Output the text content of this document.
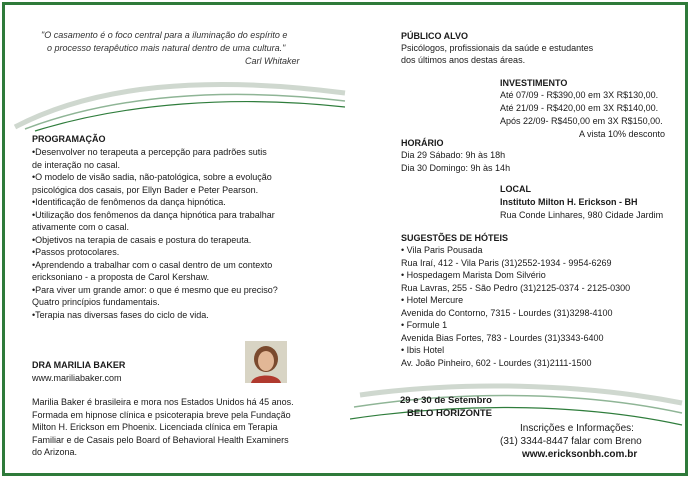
"O casamento é o foco central para a iluminação do espírito e
o processo terapêutico mais natural dentro de uma cultura."
Carl Whitaker
PROGRAMAÇÃO
•Desenvolver no terapeuta a percepção para padrões sutis
de interação no casal.
•O modelo de visão sadia, não-patológica, sobre a evolução
psicológica dos casais, por Ellyn Bader e Peter Pearson.
•Identificação de fenômenos da dança hipnótica.
•Utilização dos fenômenos da dança hipnótica para trabalhar
ativamente com o casal.
•Objetivos na terapia de casais e postura do terapeuta.
•Passos protocolares.
•Aprendendo a trabalhar com o casal dentro de um contexto
ericksoniano - a proposta de Carol Kershaw.
•Para viver um grande amor: o que é mesmo que eu preciso?
Quatro princípios fundamentais.
•Terapia nas diversas fases do ciclo de vida.
DRA MARILIA BAKER
www.mariliabaker.com
Marilia Baker é brasileira e mora nos Estados Unidos há 45 anos.
Formada em hipnose clínica e psicoterapia breve pela Fundação
Milton H. Erickson em Phoenix. Licenciada clínica em Terapia
Familiar e de Casais pelo Board of Behavioral Health Examiners
do Arizona.
PÚBLICO ALVO
Psicólogos, profissionais da saúde e estudantes
dos últimos anos destas áreas.
INVESTIMENTO
Até 07/09 - R$390,00 em 3X R$130,00.
Até 21/09 - R$420,00 em 3X R$140,00.
Após 22/09- R$450,00 em 3X R$150,00.
A vista 10% desconto
HORÁRIO
Dia 29 Sábado: 9h às 18h
Dia 30 Domingo: 9h às 14h
LOCAL
Instituto Milton H. Erickson - BH
Rua Conde Linhares, 980 Cidade Jardim
SUGESTÕES DE HÓTEIS
• Vila Paris Pousada
Rua Iraí, 412 - Vila Paris (31)2552-1934 - 9954-6269
• Hospedagem Marista Dom Silvério
Rua Lavras, 255 - São Pedro (31)2125-0374 - 2125-0300
• Hotel Mercure
Avenida do Contorno, 7315 - Lourdes (31)3298-4100
• Formule 1
Avenida Bias Fortes, 783 - Lourdes (31)3343-6400
• Ibis Hotel
Av. João Pinheiro, 602 - Lourdes (31)2111-1500
29 e 30 de Setembro
BELO HORIZONTE
Inscrições e Informações:
(31) 3344-8447 falar com Breno
www.ericksonbh.com.br
